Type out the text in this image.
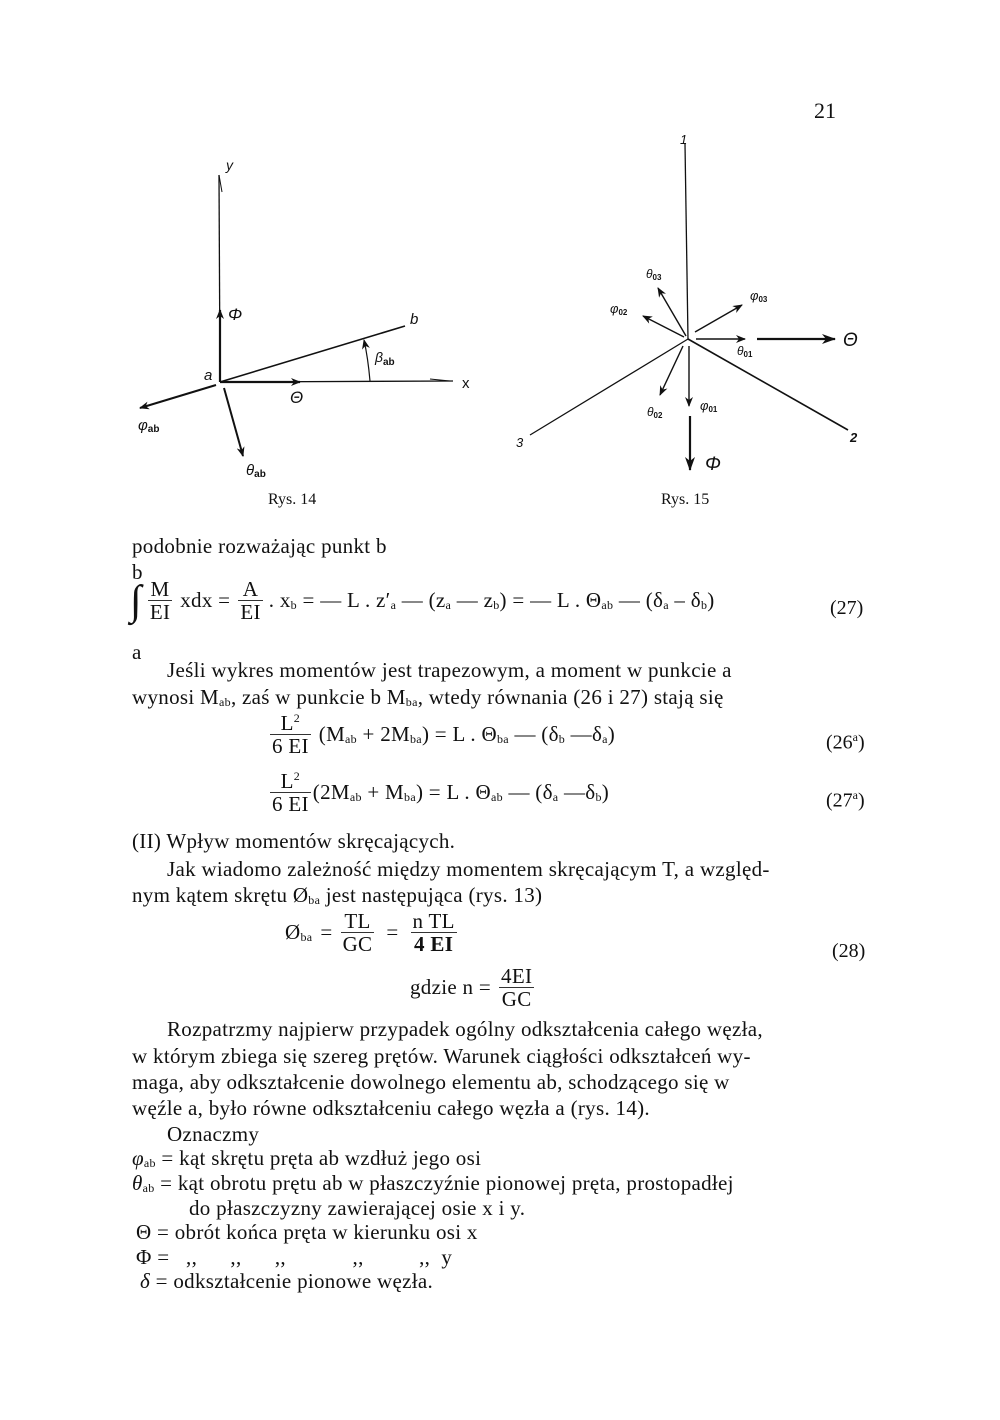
21
y
Φ	b
x
Θ
$\beta_{ab}$
a
φab
θab
Rys. 14
1
2
3
θ03
φ02
φ03
θ01
Θ
θ02
φ01
Φ
Rys. 15
podobnie rozważając punkt b
b
a
∫ $\frac{M}{EI}$ xdx = $\frac{A}{EI}$ . $x_b$ = — L . $z'_a$ — ($z_a$ — $z_b$) = — L . $\Theta_{ab}$ — $(\delta_a - \delta_b)$	(27)
Jeśli wykres momentów jest trapezowym, a moment w punkcie a
wynosi $M_{ab}$, zaś w punkcie b $M_{ba}$, wtedy równania (26 i 27) stają się
$\frac{L^2}{6 EI} (M_{ab} + 2M_{ba}) = L$ . $\Theta_{ba}$ — ($\delta_b$ $—\delta_a$)	(26$^a$)
$\frac{L^2}{6 EI} (2M_{ab} + M_{ba}) = L$ . $\Theta_{ab}$ — ($\delta_a$ $—\delta_b$)	(27$^a$)
(II) Wpływ momentów skręcających.
Jak wiadomo zależność między momentem skręcającym T, a względ-
nym kątem skrętu $Ø_{ba}$ jest następująca (rys. 13)
$Ø_{ba} = \frac{TL}{GC} = \frac{\text{n TL}}{4 EI}$	(28)
gdzie $n = \frac{4EI}{GC}$
Rozpatrzmy najpierw przypadek ogólny odkształcenia całego węzła,
w którym zbiega się szereg prętów. Warunek ciągłości odkształceń wy-
maga, aby odkształcenie dowolnego elementu ab, schodzącego się w
węźle a, było równe odkształceniu całego węzła a (rys. 14).
Oznaczmy
$\varphi_{ab}$ = kąt skrętu pręta ab wzdłuż jego osi
$\theta_{ab}$ = kąt obrotu prętu ab w płaszczyźnie pionowej pręta, prostopadłej
do płaszczyzny zawierającej osie x i y.
Θ = obrót końca pręta w kierunku osi x
Φ =   ,,      ,,      ,,            ,,          ,,  y
δ = odkształcenie pionowe węzła.
